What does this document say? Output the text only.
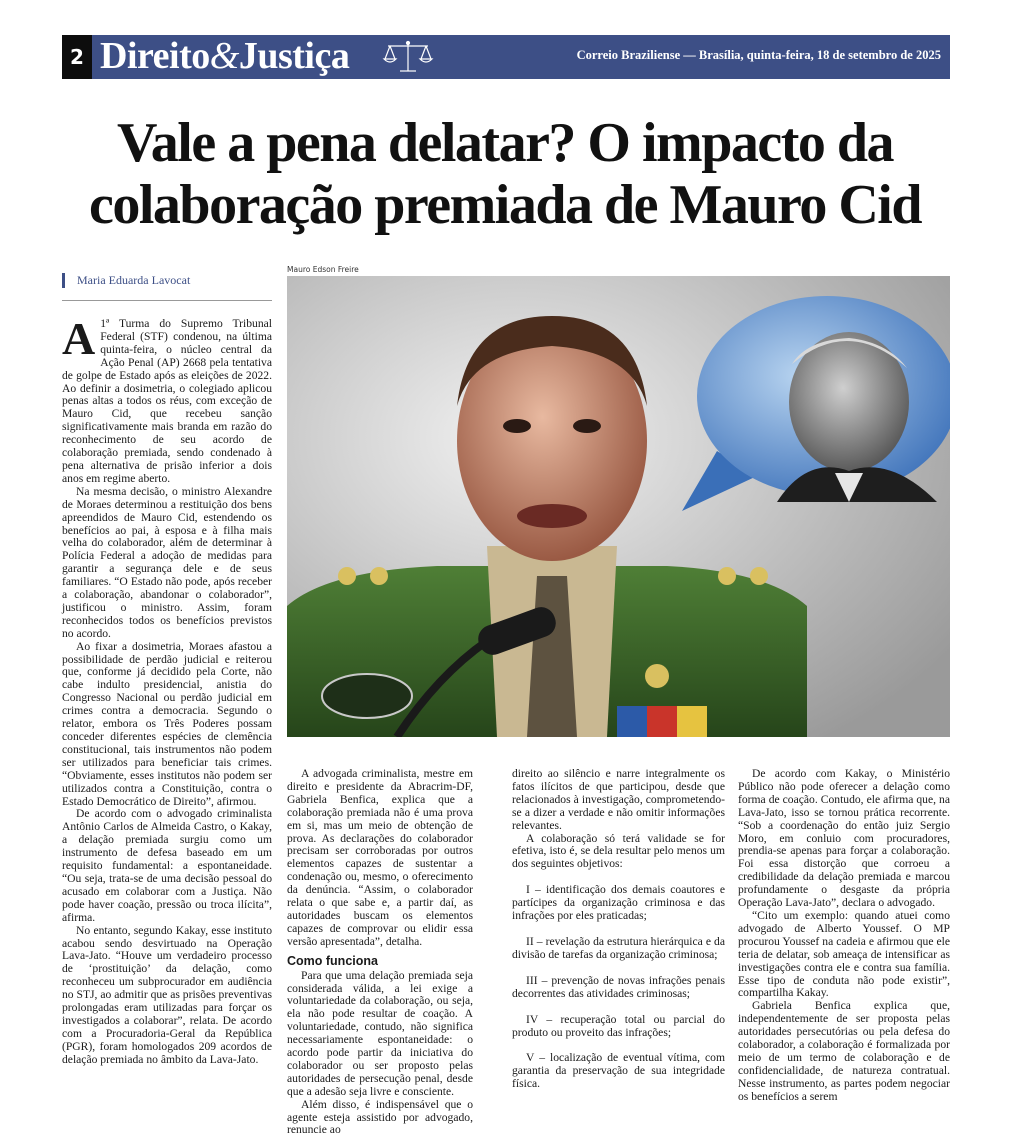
2 Direito&Justiça	Correio Braziliense — Brasília, quinta-feira, 18 de setembro de 2025
Vale a pena delatar? O impacto da colaboração premiada de Mauro Cid
Maria Eduarda Lavocat
Mauro Edson Freire

A 1ª Turma do Supremo Tribunal Federal (STF) condenou, na última quinta-feira, o núcleo central da Ação Penal (AP) 2668 pela tentativa de golpe de Estado após as eleições de 2022. Ao definir a dosimetria, o colegiado aplicou penas altas a todos os réus, com exceção de Mauro Cid, que recebeu sanção significativamente mais branda em razão do reconhecimento de seu acordo de colaboração premiada, sendo condenado à pena alternativa de prisão inferior a dois anos em regime aberto.

Na mesma decisão, o ministro Alexandre de Moraes determinou a restituição dos bens apreendidos de Mauro Cid, estendendo os benefícios ao pai, à esposa e à filha mais velha do colaborador, além de determinar à Polícia Federal a adoção de medidas para garantir a segurança dele e de seus familiares. “O Estado não pode, após receber a colaboração, abandonar o colaborador”, justificou o ministro. Assim, foram reconhecidos todos os benefícios previstos no acordo.

Ao fixar a dosimetria, Moraes afastou a possibilidade de perdão judicial e reiterou que, conforme já decidido pela Corte, não cabe indulto presidencial, anistia do Congresso Nacional ou perdão judicial em crimes contra a democracia. Segundo o relator, embora os Três Poderes possam conceder diferentes espécies de clemência constitucional, tais instrumentos não podem ser utilizados para beneficiar tais crimes. “Obviamente, esses institutos não podem ser utilizados contra a Constituição, contra o Estado Democrático de Direito”, afirmou.

De acordo com o advogado criminalista Antônio Carlos de Almeida Castro, o Kakay, a delação premiada surgiu como um instrumento de defesa baseado em um requisito fundamental: a espontaneidade. “Ou seja, trata-se de uma decisão pessoal do acusado em colaborar com a Justiça. Não pode haver coação, pressão ou troca ilícita”, afirma.

No entanto, segundo Kakay, esse instituto acabou sendo desvirtuado na Operação Lava-Jato. “Houve um verdadeiro processo de ‘prostituição’ da delação, como reconheceu um subprocurador em audiência no STJ, ao admitir que as prisões preventivas prolongadas eram utilizadas para forçar os investigados a colaborar”, relata. De acordo com a Procuradoria-Geral da República (PGR), foram homologados 209 acordos de delação premiada no âmbito da Lava-Jato.

A advogada criminalista, mestre em direito e presidente da Abracrim-DF, Gabriela Benfica, explica que a colaboração premiada não é uma prova em si, mas um meio de obtenção de prova. As declarações do colaborador precisam ser corroboradas por outros elementos capazes de sustentar a condenação ou, mesmo, o oferecimento da denúncia. “Assim, o colaborador relata o que sabe e, a partir daí, as autoridades buscam os elementos capazes de comprovar ou elidir essa versão apresentada”, detalha.

Como funciona

Para que uma delação premiada seja considerada válida, a lei exige a voluntariedade da colaboração, ou seja, ela não pode resultar de coação. A voluntariedade, contudo, não significa necessariamente espontaneidade: o acordo pode partir da iniciativa do colaborador ou ser proposto pelas autoridades de persecução penal, desde que a adesão seja livre e consciente.

Além disso, é indispensável que o agente esteja assistido por advogado, renuncie ao

direito ao silêncio e narre integralmente os fatos ilícitos de que participou, desde que relacionados à investigação, comprometendo-se a dizer a verdade e não omitir informações relevantes.

A colaboração só terá validade se for efetiva, isto é, se dela resultar pelo menos um dos seguintes objetivos:

I – identificação dos demais coautores e partícipes da organização criminosa e das infrações por eles praticadas;

II – revelação da estrutura hierárquica e da divisão de tarefas da organização criminosa;

III – prevenção de novas infrações penais decorrentes das atividades criminosas;

IV – recuperação total ou parcial do produto ou proveito das infrações;

V – localização de eventual vítima, com garantia da preservação de sua integridade física.

De acordo com Kakay, o Ministério Público não pode oferecer a delação como forma de coação. Contudo, ele afirma que, na Lava-Jato, isso se tornou prática recorrente. “Sob a coordenação do então juiz Sergio Moro, em conluio com procuradores, prendia-se apenas para forçar a colaboração. Foi essa distorção que corroeu a credibilidade da delação premiada e marcou profundamente o desgaste da própria Operação Lava-Jato”, declara o advogado.

“Cito um exemplo: quando atuei como advogado de Alberto Youssef. O MP procurou Youssef na cadeia e afirmou que ele teria de delatar, sob ameaça de intensificar as investigações contra ele e contra sua família. Esse tipo de conduta não pode existir”, compartilha Kakay.

Gabriela Benfica explica que, independentemente de ser proposta pelas autoridades persecutórias ou pela defesa do colaborador, a colaboração é formalizada por meio de um termo de colaboração e de confidencialidade, de natureza contratual. Nesse instrumento, as partes podem negociar os benefícios a serem
